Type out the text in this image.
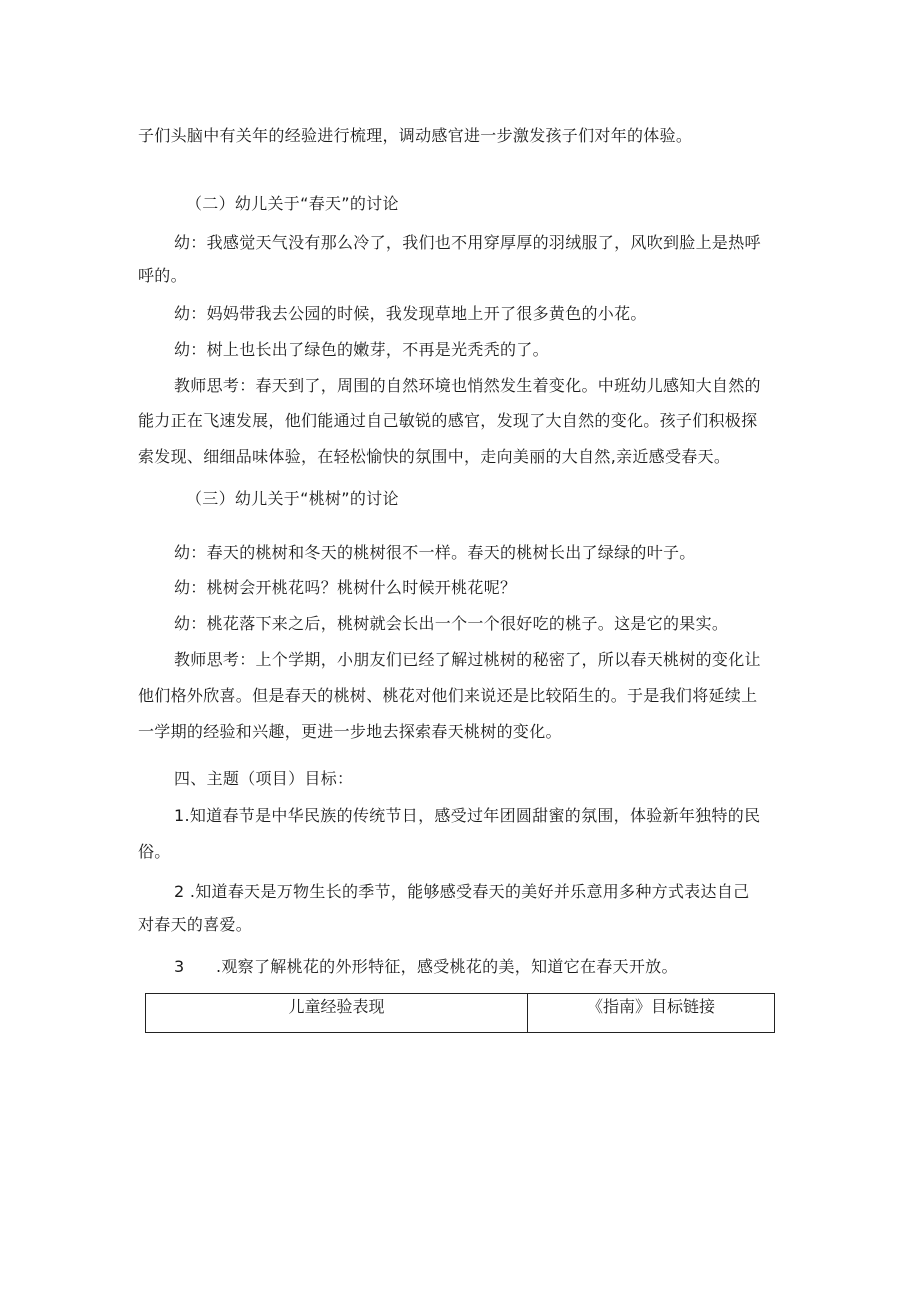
子们头脑中有关年的经验进行梳理，调动感官进一步激发孩子们对年的体验。
（二）幼儿关于“春天”的讨论
幼：我感觉天气没有那么冷了，我们也不用穿厚厚的羽绒服了，风吹到脸上是热呼
呼的。
幼：妈妈带我去公园的时候，我发现草地上开了很多黄色的小花。
幼：树上也长出了绿色的嫩芽，不再是光秃秃的了。
教师思考：春天到了，周围的自然环境也悄然发生着变化。中班幼儿感知大自然的
能力正在飞速发展，他们能通过自己敏锐的感官，发现了大自然的变化。孩子们积极探
索发现、细细品味体验，在轻松愉快的氛围中，走向美丽的大自然,亲近感受春天。
（三）幼儿关于“桃树”的讨论
幼：春天的桃树和冬天的桃树很不一样。春天的桃树长出了绿绿的叶子。
幼：桃树会开桃花吗？桃树什么时候开桃花呢？
幼：桃花落下来之后，桃树就会长出一个一个很好吃的桃子。这是它的果实。
教师思考：上个学期，小朋友们已经了解过桃树的秘密了，所以春天桃树的变化让
他们格外欣喜。但是春天的桃树、桃花对他们来说还是比较陌生的。于是我们将延续上
一学期的经验和兴趣，更进一步地去探索春天桃树的变化。
四、主题（项目）目标：
1.知道春节是中华民族的传统节日，感受过年团圆甜蜜的氛围，体验新年独特的民
俗。
2 .知道春天是万物生长的季节，能够感受春天的美好并乐意用多种方式表达自己
对春天的喜爱。
3 .观察了解桃花的外形特征，感受桃花的美，知道它在春天开放。
儿童经验表现	《指南》目标链接
